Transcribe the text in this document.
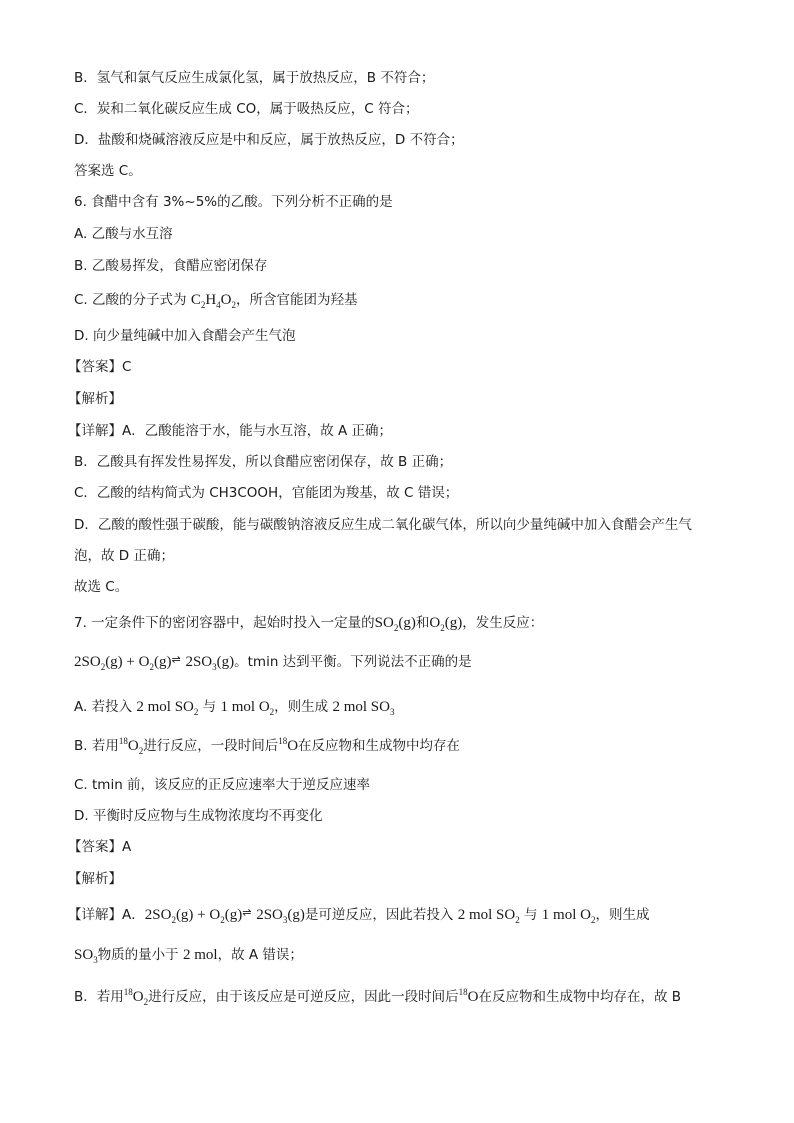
B．氢气和氯气反应生成氯化氢，属于放热反应，B 不符合；
C．炭和二氧化碳反应生成 CO，属于吸热反应，C 符合；
D．盐酸和烧碱溶液反应是中和反应，属于放热反应，D 不符合；
答案选 C。
6. 食醋中含有 3%~5%的乙酸。下列分析不正确的是
A. 乙酸与水互溶
B. 乙酸易挥发，食醋应密闭保存
C. 乙酸的分子式为 $C_2H_4O_2$，所含官能团为羟基
D. 向少量纯碱中加入食醋会产生气泡
【答案】C
【解析】
【详解】A．乙酸能溶于水，能与水互溶，故 A 正确；
B．乙酸具有挥发性易挥发，所以食醋应密闭保存，故 B 正确；
C．乙酸的结构简式为 CH3COOH，官能团为羧基，故 C 错误；
D．乙酸的酸性强于碳酸，能与碳酸钠溶液反应生成二氧化碳气体，所以向少量纯碱中加入食醋会产生气
泡，故 D 正确；
故选 C。
7. 一定条件下的密闭容器中，起始时投入一定量的$SO_2(g)$和$O_2(g)$，发生反应：
$2SO_2(g)$ + $O_2(g)\rightleftharpoons$ $2SO_3(g)$。tmin 达到平衡。下列说法不正确的是
A. 若投入 2 mol $SO_2$ 与 1 mol $O_2$，则生成 2 mol $SO_3$
B. 若用$^{18}O_2$进行反应，一段时间后$^{18}$O在反应物和生成物中均存在
C. tmin 前，该反应的正反应速率大于逆反应速率
D. 平衡时反应物与生成物浓度均不再变化
【答案】A
【解析】
【详解】A．$2SO_2(g)$ + $O_2(g)\rightleftharpoons$ $2SO_3(g)$是可逆反应，因此若投入 2 mol $SO_2$ 与 1 mol $O_2$，则生成
$SO_3$物质的量小于 2 mol，故 A 错误；
B．若用$^{18}O_2$进行反应，由于该反应是可逆反应，因此一段时间后$^{18}$O在反应物和生成物中均存在，故 B
